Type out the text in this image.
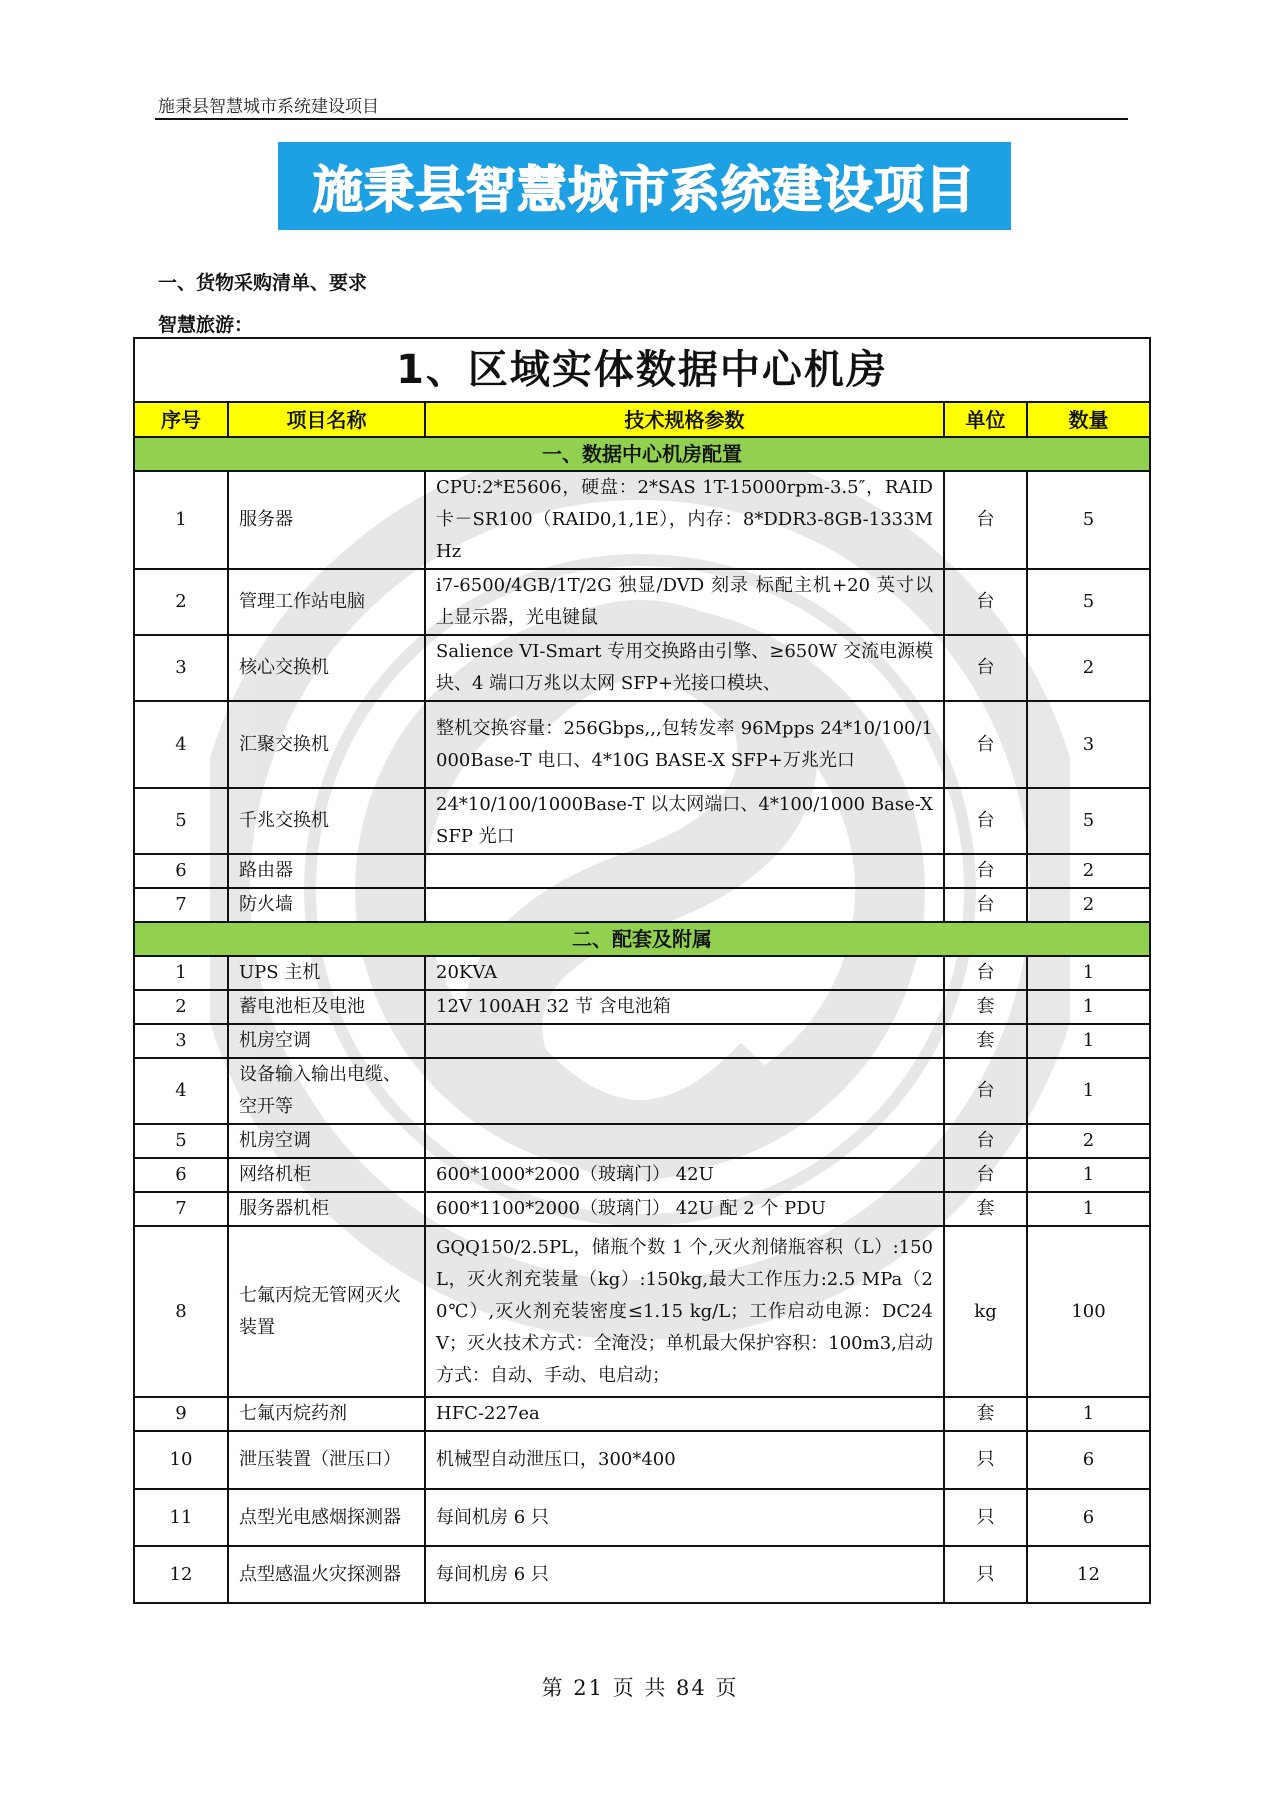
施秉县智慧城市系统建设项目
施秉县智慧城市系统建设项目
一、货物采购清单、要求
智慧旅游：
1、区域实体数据中心机房				
序号	项目名称	技术规格参数	单位	数量
一、数据中心机房配置				
1	服务器	CPU:2*E5606，硬盘：2*SAS 1T-15000rpm-3.5″，RAID 卡－SR100（RAID0,1,1E），内存：8*DDR3-8GB-1333MHz	台	5
2	管理工作站电脑	i7-6500/4GB/1T/2G 独显/DVD 刻录 标配主机+20 英寸以上显示器，光电键鼠	台	5
3	核心交换机	Salience VI-Smart 专用交换路由引擎、≥650W 交流电源模块、4 端口万兆以太网 SFP+光接口模块、	台	2
4	汇聚交换机	整机交换容量：256Gbps,,,包转发率 96Mpps 24*10/100/1000Base-T 电口、4*10G BASE-X SFP+万兆光口	台	3
5	千兆交换机	24*10/100/1000Base-T 以太网端口、4*100/1000 Base-X SFP 光口	台	5
6	路由器		台	2
7	防火墙		台	2
二、配套及附属				
1	UPS 主机	20KVA	台	1
2	蓄电池柜及电池	12V 100AH 32 节 含电池箱	套	1
3	机房空调		套	1
4	设备输入输出电缆、空开等		台	1
5	机房空调		台	2
6	网络机柜	600*1000*2000（玻璃门） 42U	台	1
7	服务器机柜	600*1100*2000（玻璃门） 42U 配 2 个 PDU	套	1
8	七氟丙烷无管网灭火装置	GQQ150/2.5PL，储瓶个数 1 个,灭火剂储瓶容积（L）:150L，灭火剂充装量（kg）:150kg,最大工作压力:2.5 MPa（20℃）,灭火剂充装密度≤1.15 kg/L；工作启动电源：DC24V；灭火技术方式：全淹没；单机最大保护容积：100m3,启动方式：自动、手动、电启动；	kg	100
9	七氟丙烷药剂	HFC-227ea	套	1
10	泄压装置（泄压口）	机械型自动泄压口，300*400	只	6
11	点型光电感烟探测器	每间机房 6 只	只	6
12	点型感温火灾探测器	每间机房 6 只	只	12
第 21 页 共 84 页
